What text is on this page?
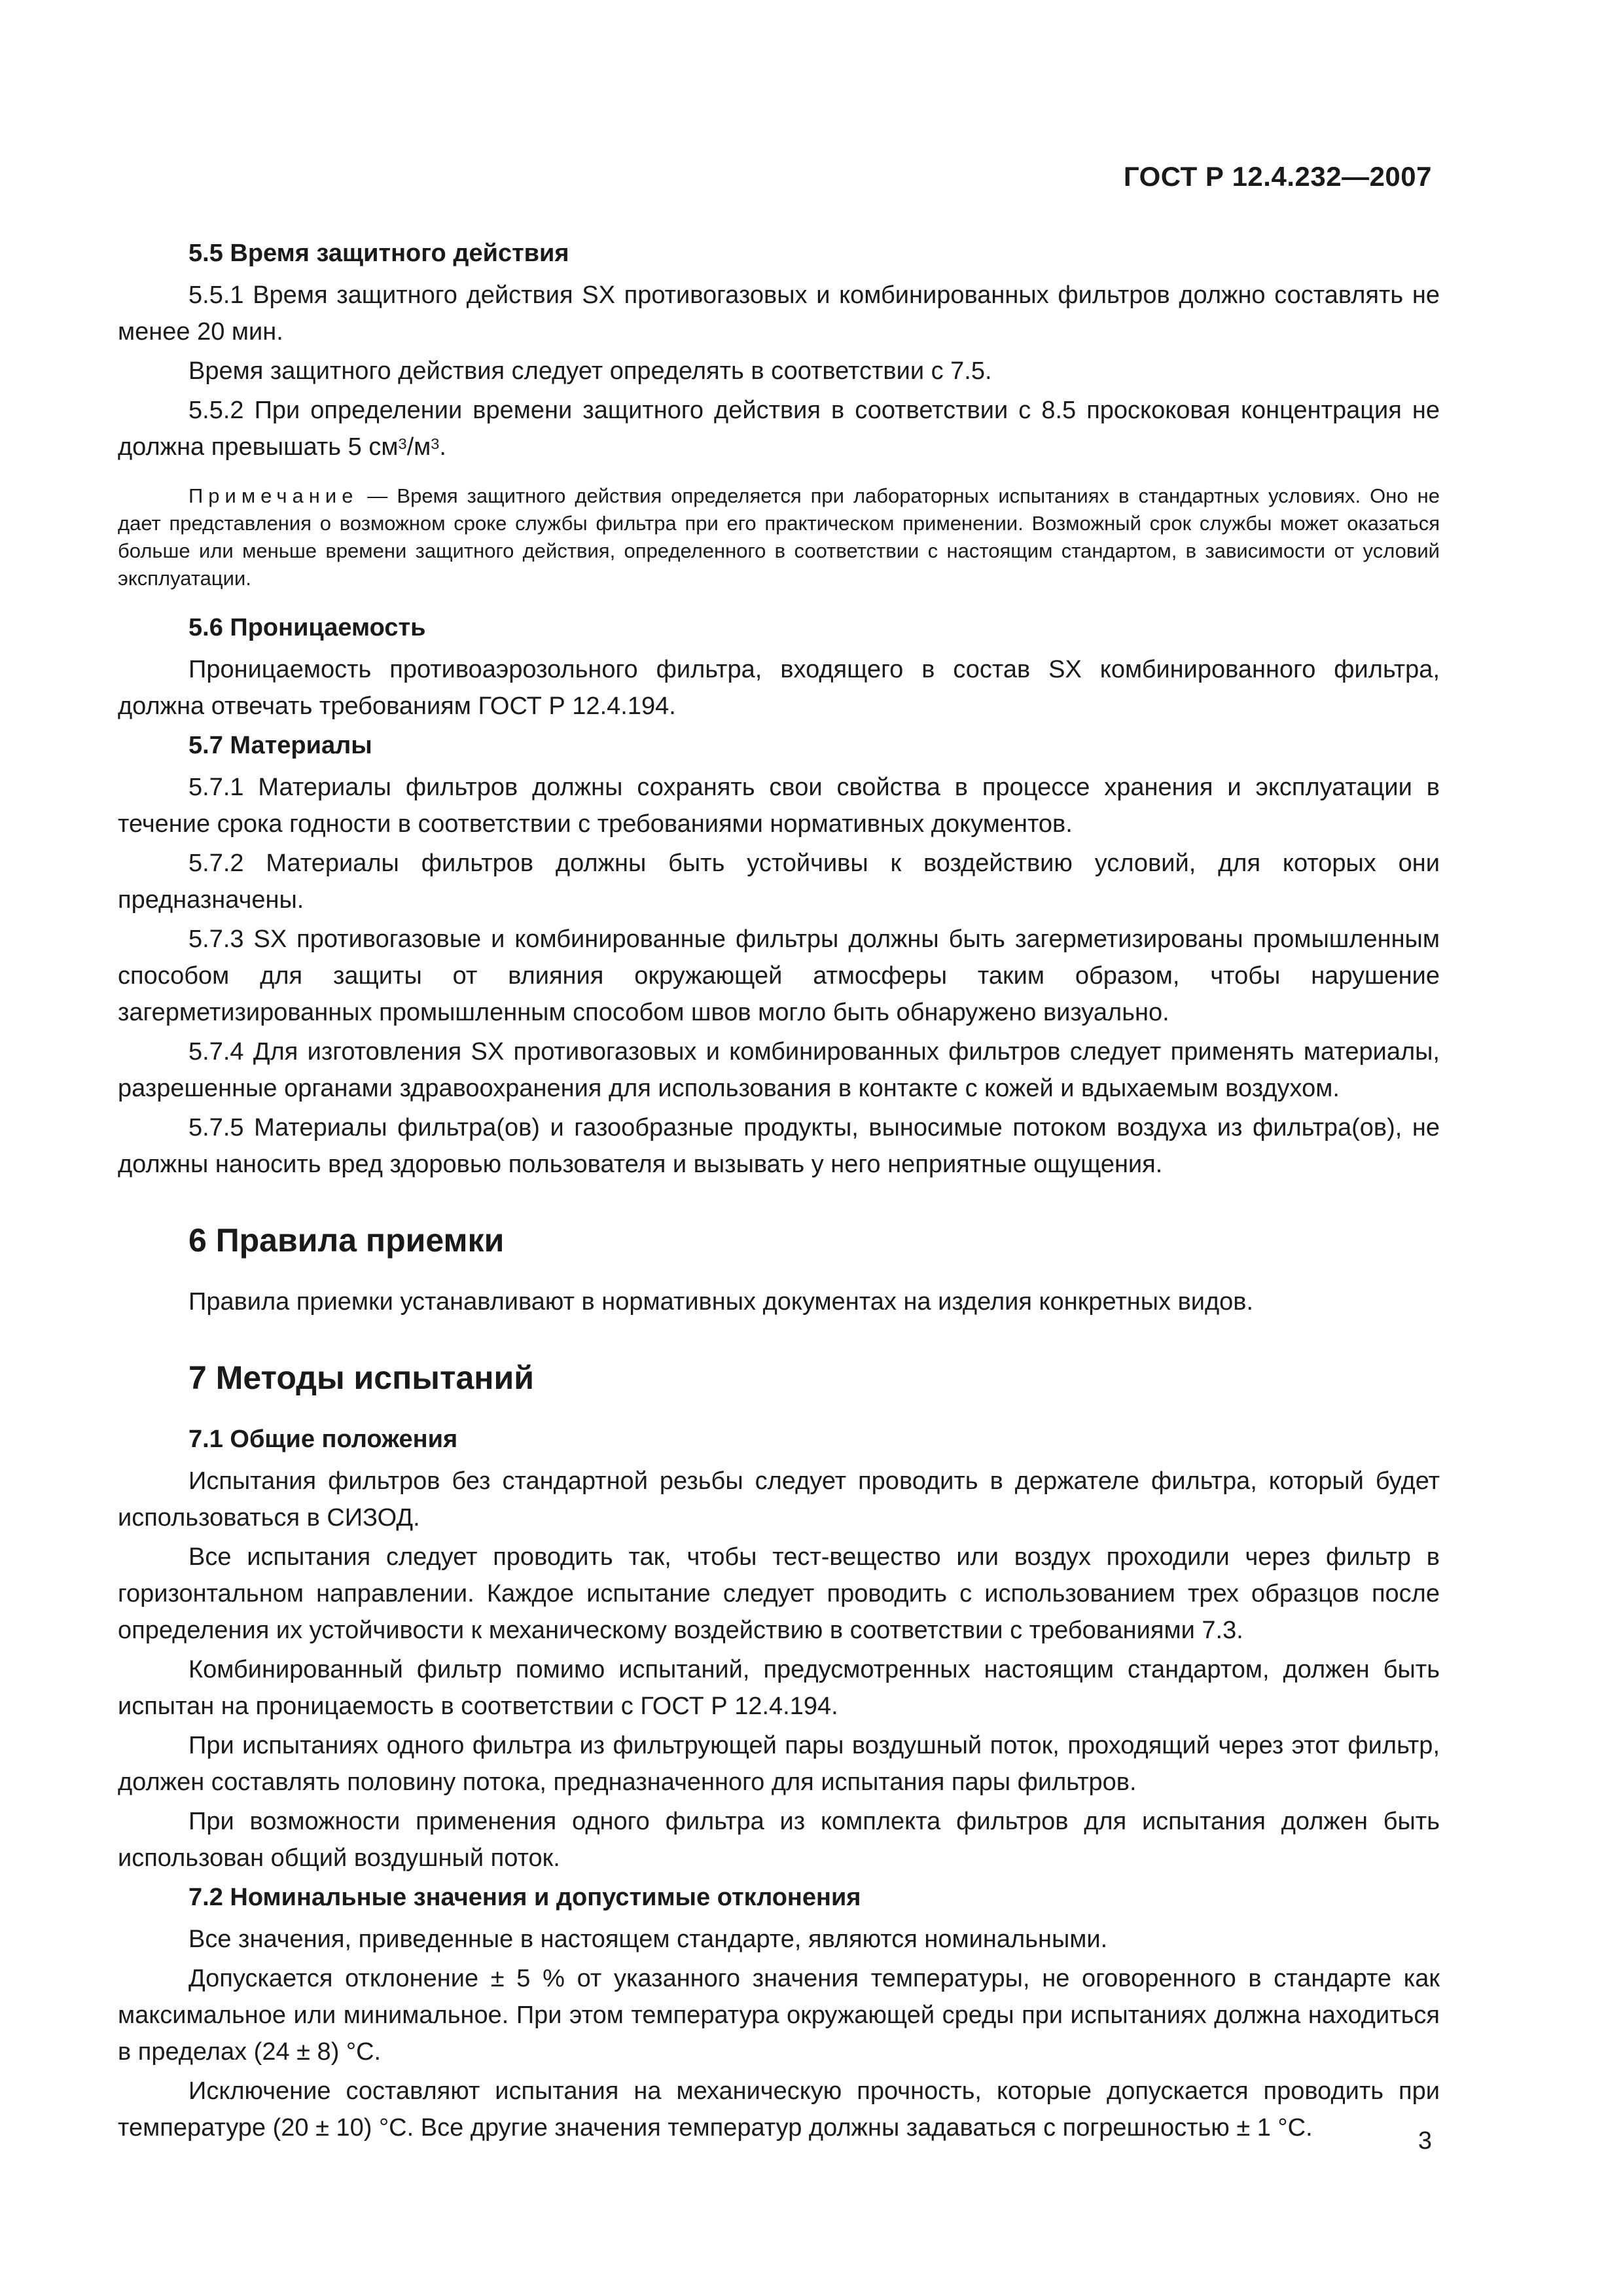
ГОСТ Р 12.4.232—2007

5.5 Время защитного действия

5.5.1 Время защитного действия SX противогазовых и комбинированных фильтров должно составлять не менее 20 мин.

Время защитного действия следует определять в соответствии с 7.5.

5.5.2 При определении времени защитного действия в соответствии с 8.5 проскоковая концентрация не должна превышать 5 $см^3/м^3$.

Примечание — Время защитного действия определяется при лабораторных испытаниях в стандартных условиях. Оно не дает представления о возможном сроке службы фильтра при его практическом применении. Возможный срок службы может оказаться больше или меньше времени защитного действия, определенного в соответствии с настоящим стандартом, в зависимости от условий эксплуатации.

5.6 Проницаемость

Проницаемость противоаэрозольного фильтра, входящего в состав SX комбинированного фильтра, должна отвечать требованиям ГОСТ Р 12.4.194.

5.7 Материалы

5.7.1 Материалы фильтров должны сохранять свои свойства в процессе хранения и эксплуатации в течение срока годности в соответствии с требованиями нормативных документов.

5.7.2 Материалы фильтров должны быть устойчивы к воздействию условий, для которых они предназначены.

5.7.3 SX противогазовые и комбинированные фильтры должны быть загерметизированы промышленным способом для защиты от влияния окружающей атмосферы таким образом, чтобы нарушение загерметизированных промышленным способом швов могло быть обнаружено визуально.

5.7.4 Для изготовления SX противогазовых и комбинированных фильтров следует применять материалы, разрешенные органами здравоохранения для использования в контакте с кожей и вдыхаемым воздухом.

5.7.5 Материалы фильтра(ов) и газообразные продукты, выносимые потоком воздуха из фильтра(ов), не должны наносить вред здоровью пользователя и вызывать у него неприятные ощущения.

6 Правила приемки

Правила приемки устанавливают в нормативных документах на изделия конкретных видов.

7 Методы испытаний

7.1 Общие положения

Испытания фильтров без стандартной резьбы следует проводить в держателе фильтра, который будет использоваться в СИЗОД.

Все испытания следует проводить так, чтобы тест-вещество или воздух проходили через фильтр в горизонтальном направлении. Каждое испытание следует проводить с использованием трех образцов после определения их устойчивости к механическому воздействию в соответствии с требованиями 7.3.

Комбинированный фильтр помимо испытаний, предусмотренных настоящим стандартом, должен быть испытан на проницаемость в соответствии с ГОСТ Р 12.4.194.

При испытаниях одного фильтра из фильтрующей пары воздушный поток, проходящий через этот фильтр, должен составлять половину потока, предназначенного для испытания пары фильтров.

При возможности применения одного фильтра из комплекта фильтров для испытания должен быть использован общий воздушный поток.

7.2 Номинальные значения и допустимые отклонения

Все значения, приведенные в настоящем стандарте, являются номинальными.

Допускается отклонение ± 5 % от указанного значения температуры, не оговоренного в стандарте как максимальное или минимальное. При этом температура окружающей среды при испытаниях должна находиться в пределах (24 ± 8) °С.

Исключение составляют испытания на механическую прочность, которые допускается проводить при температуре (20 ± 10) °С. Все другие значения температур должны задаваться с погрешностью ± 1 °С.	3
